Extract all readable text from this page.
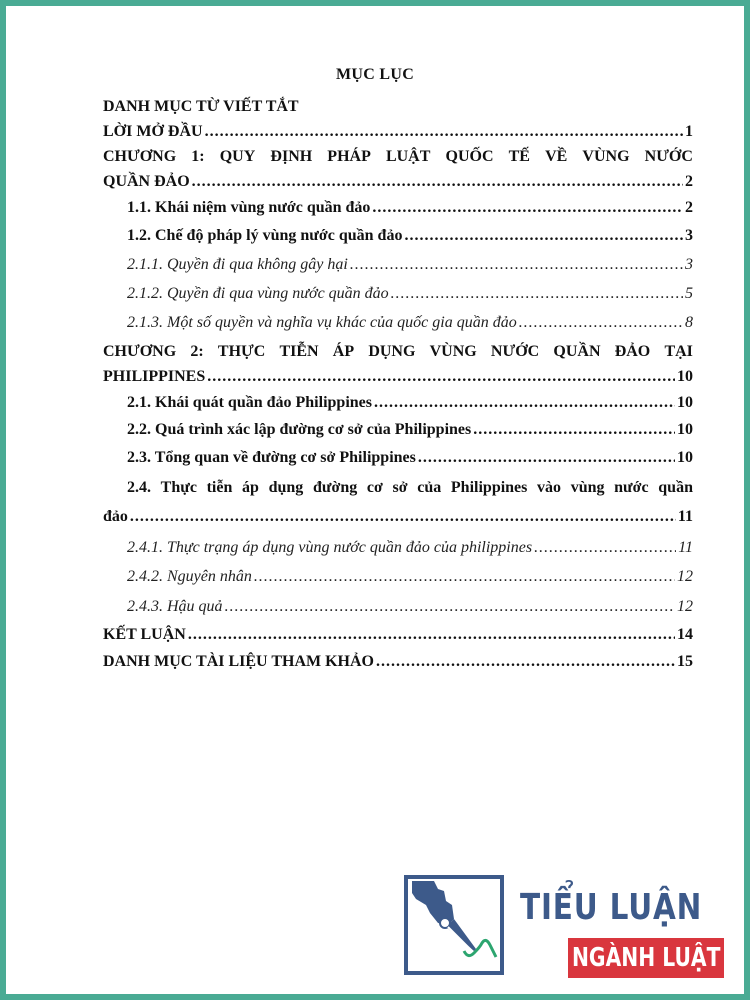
MỤC LỤC
DANH MỤC TỪ VIẾT TẮT
LỜI MỞ ĐẦU .....	1
CHƯƠNG 1: QUY ĐỊNH PHÁP LUẬT QUỐC TẾ VỀ VÙNG NƯỚC
QUẦN ĐẢO .....	2
1.1. Khái niệm vùng nước quần đảo .....	2
1.2. Chế độ pháp lý vùng nước quần đảo .....	3
2.1.1. Quyền đi qua không gây hại .....	3
2.1.2. Quyền đi qua vùng nước quần đảo .....	5
2.1.3. Một số quyền và nghĩa vụ khác của quốc gia quần đảo .....	8
CHƯƠNG 2: THỰC TIỄN ÁP DỤNG VÙNG NƯỚC QUẦN ĐẢO TẠI
PHILIPPINES .....	10
2.1. Khái quát quần đảo Philippines .....	10
2.2. Quá trình xác lập đường cơ sở của Philippines .....	10
2.3. Tổng quan về đường cơ sở Philippines .....	10
2.4. Thực tiễn áp dụng đường cơ sở của Philippines vào vùng nước quần
đảo .....	11
2.4.1. Thực trạng áp dụng vùng nước quần đảo của philippines .....	11
2.4.2. Nguyên nhân .....	12
2.4.3. Hậu quả .....	12
KẾT LUẬN .....	14
DANH MỤC TÀI LIỆU THAM KHẢO .....	15
TIỂU LUẬN
NGÀNH LUẬT
